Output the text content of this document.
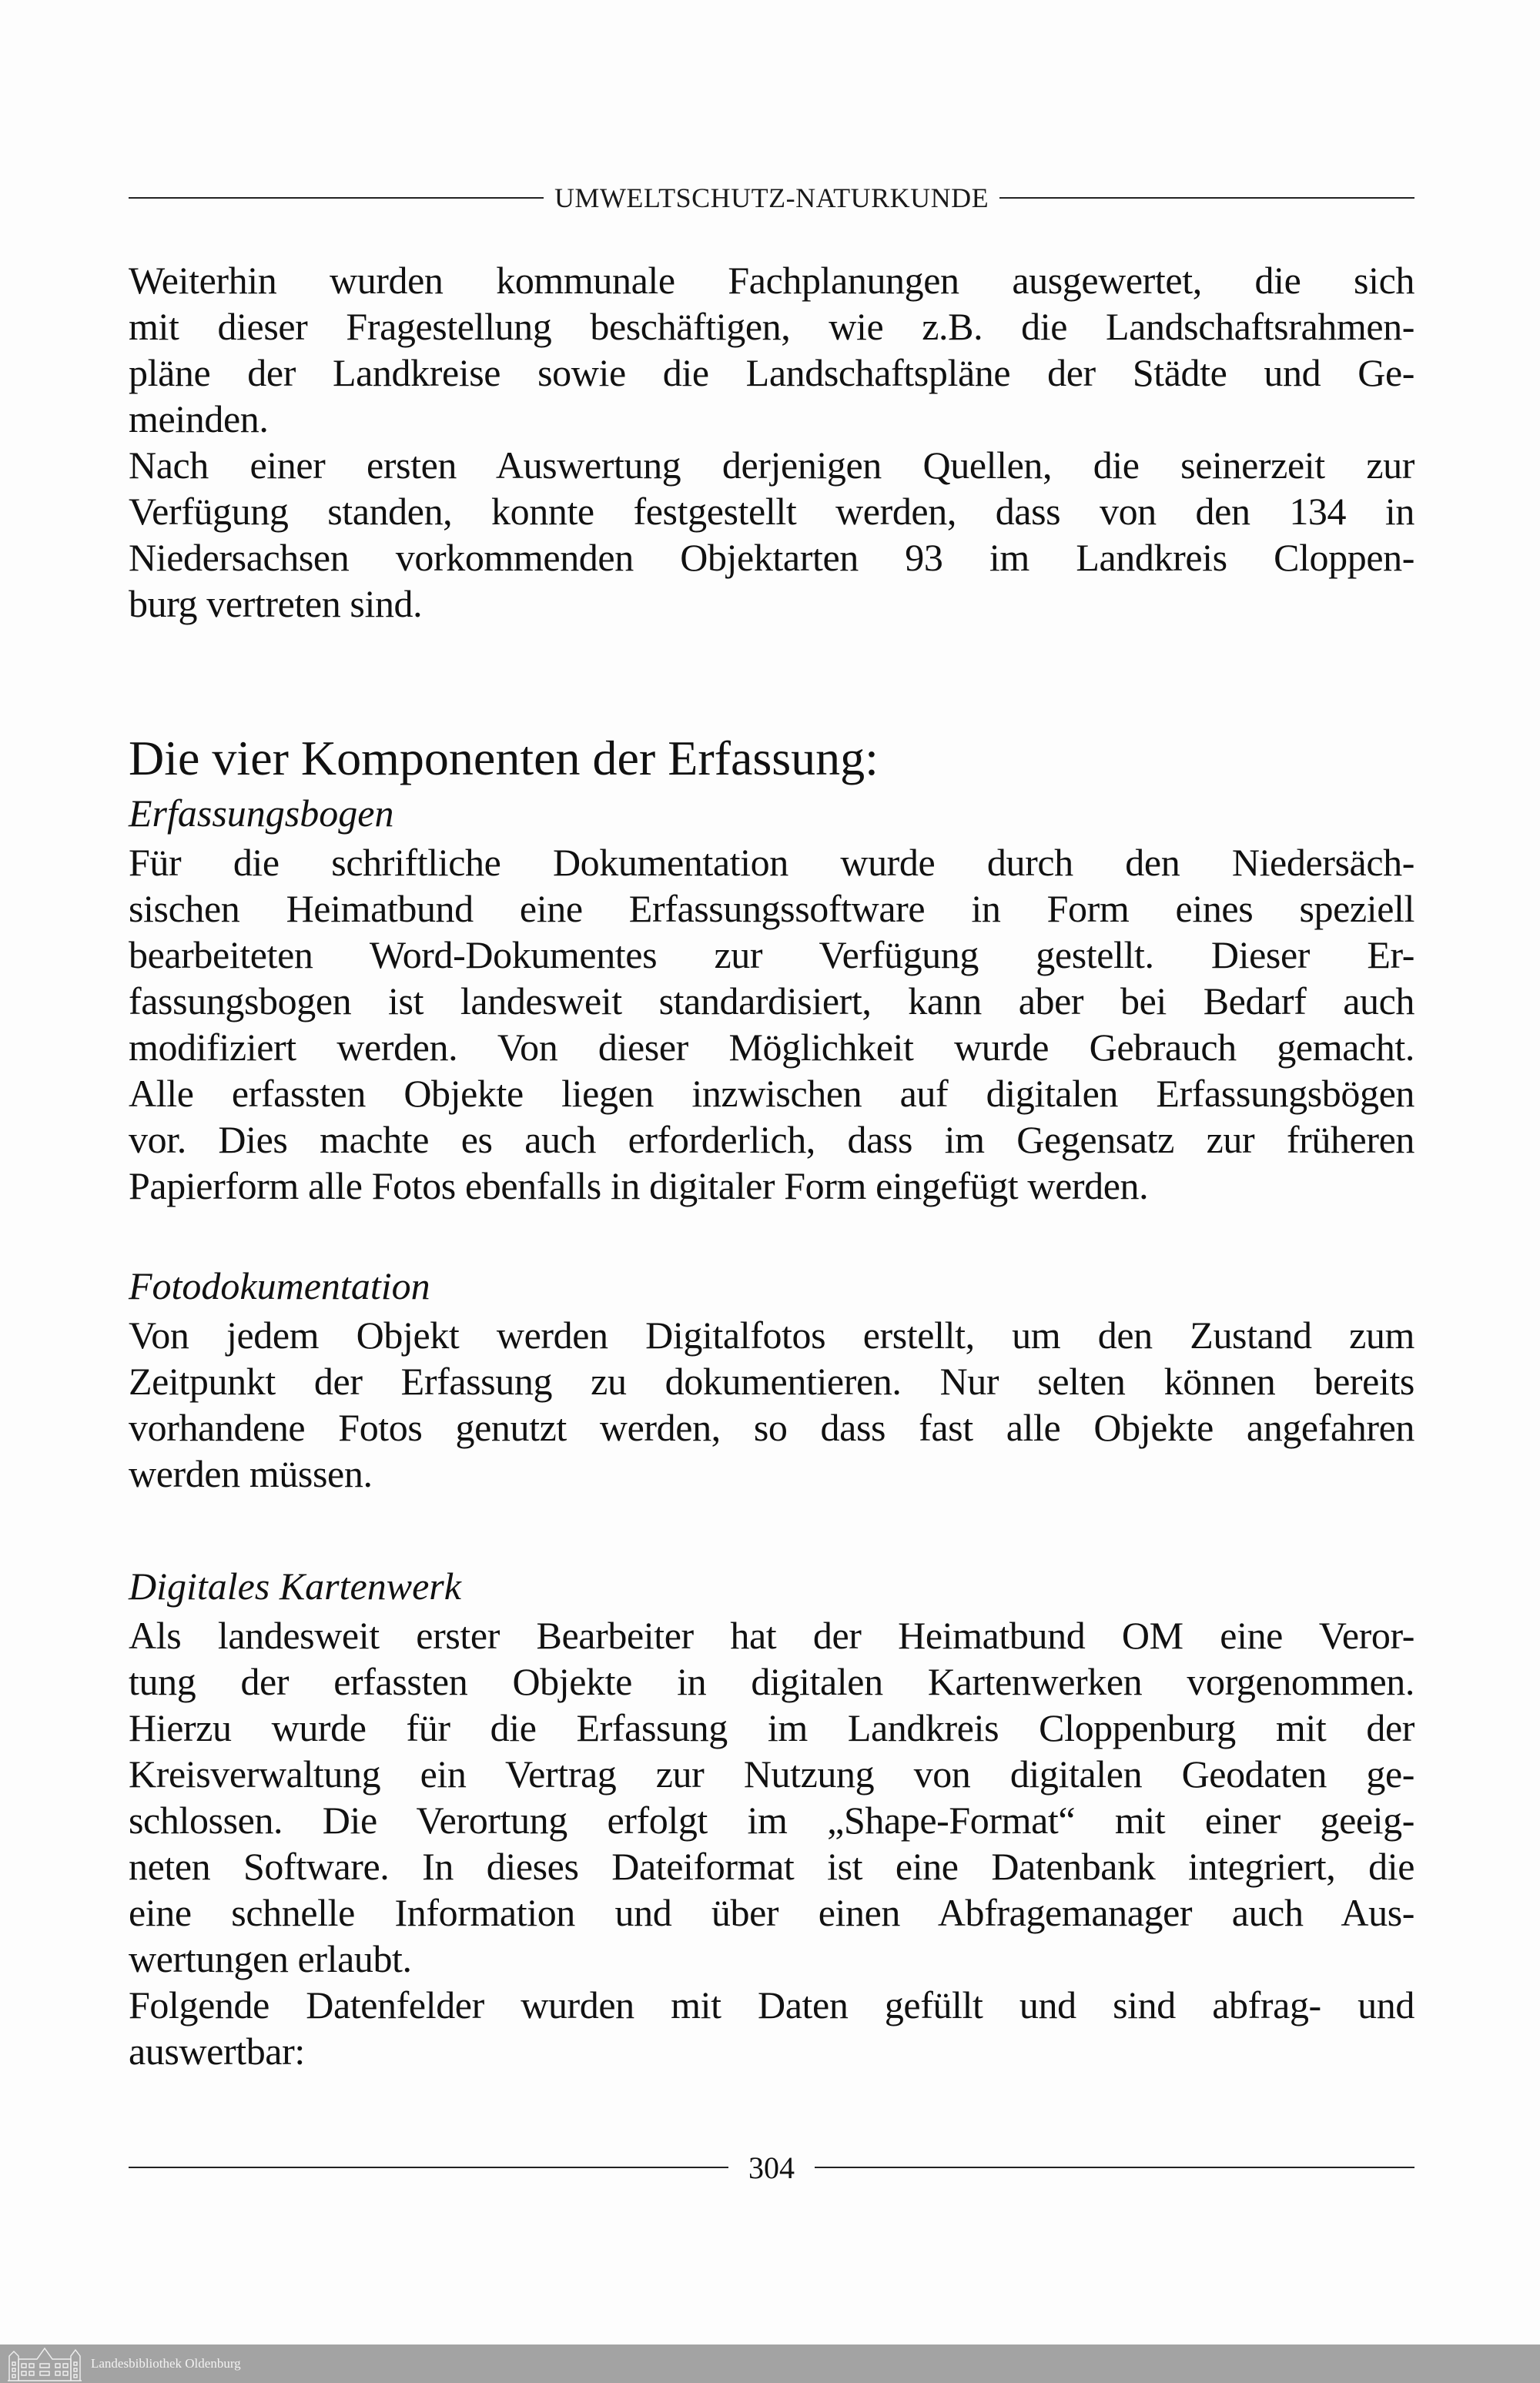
UMWELTSCHUTZ-NATURKUNDE
Weiterhin wurden kommunale Fachplanungen ausgewertet, die sich
mit dieser Fragestellung beschäftigen, wie z.B. die Landschaftsrahmen-
pläne der Landkreise sowie die Landschaftspläne der Städte und Ge-
meinden.
Nach einer ersten Auswertung derjenigen Quellen, die seinerzeit zur
Verfügung standen, konnte festgestellt werden, dass von den 134 in
Niedersachsen vorkommenden Objektarten 93 im Landkreis Cloppen-
burg vertreten sind.
Die vier Komponenten der Erfassung:
Erfassungsbogen
Für die schriftliche Dokumentation wurde durch den Niedersäch-
sischen Heimatbund eine Erfassungssoftware in Form eines speziell
bearbeiteten Word-Dokumentes zur Verfügung gestellt. Dieser Er-
fassungsbogen ist landesweit standardisiert, kann aber bei Bedarf auch
modifiziert werden. Von dieser Möglichkeit wurde Gebrauch gemacht.
Alle erfassten Objekte liegen inzwischen auf digitalen Erfassungsbögen
vor. Dies machte es auch erforderlich, dass im Gegensatz zur früheren
Papierform alle Fotos ebenfalls in digitaler Form eingefügt werden.
Fotodokumentation
Von jedem Objekt werden Digitalfotos erstellt, um den Zustand zum
Zeitpunkt der Erfassung zu dokumentieren. Nur selten können bereits
vorhandene Fotos genutzt werden, so dass fast alle Objekte angefahren
werden müssen.
Digitales Kartenwerk
Als landesweit erster Bearbeiter hat der Heimatbund OM eine Veror-
tung der erfassten Objekte in digitalen Kartenwerken vorgenommen.
Hierzu wurde für die Erfassung im Landkreis Cloppenburg mit der
Kreisverwaltung ein Vertrag zur Nutzung von digitalen Geodaten ge-
schlossen. Die Verortung erfolgt im „Shape-Format“ mit einer geeig-
neten Software. In dieses Dateiformat ist eine Datenbank integriert, die
eine schnelle Information und über einen Abfragemanager auch Aus-
wertungen erlaubt.
Folgende Datenfelder wurden mit Daten gefüllt und sind abfrag- und
auswertbar:
304
Landesbibliothek Oldenburg
